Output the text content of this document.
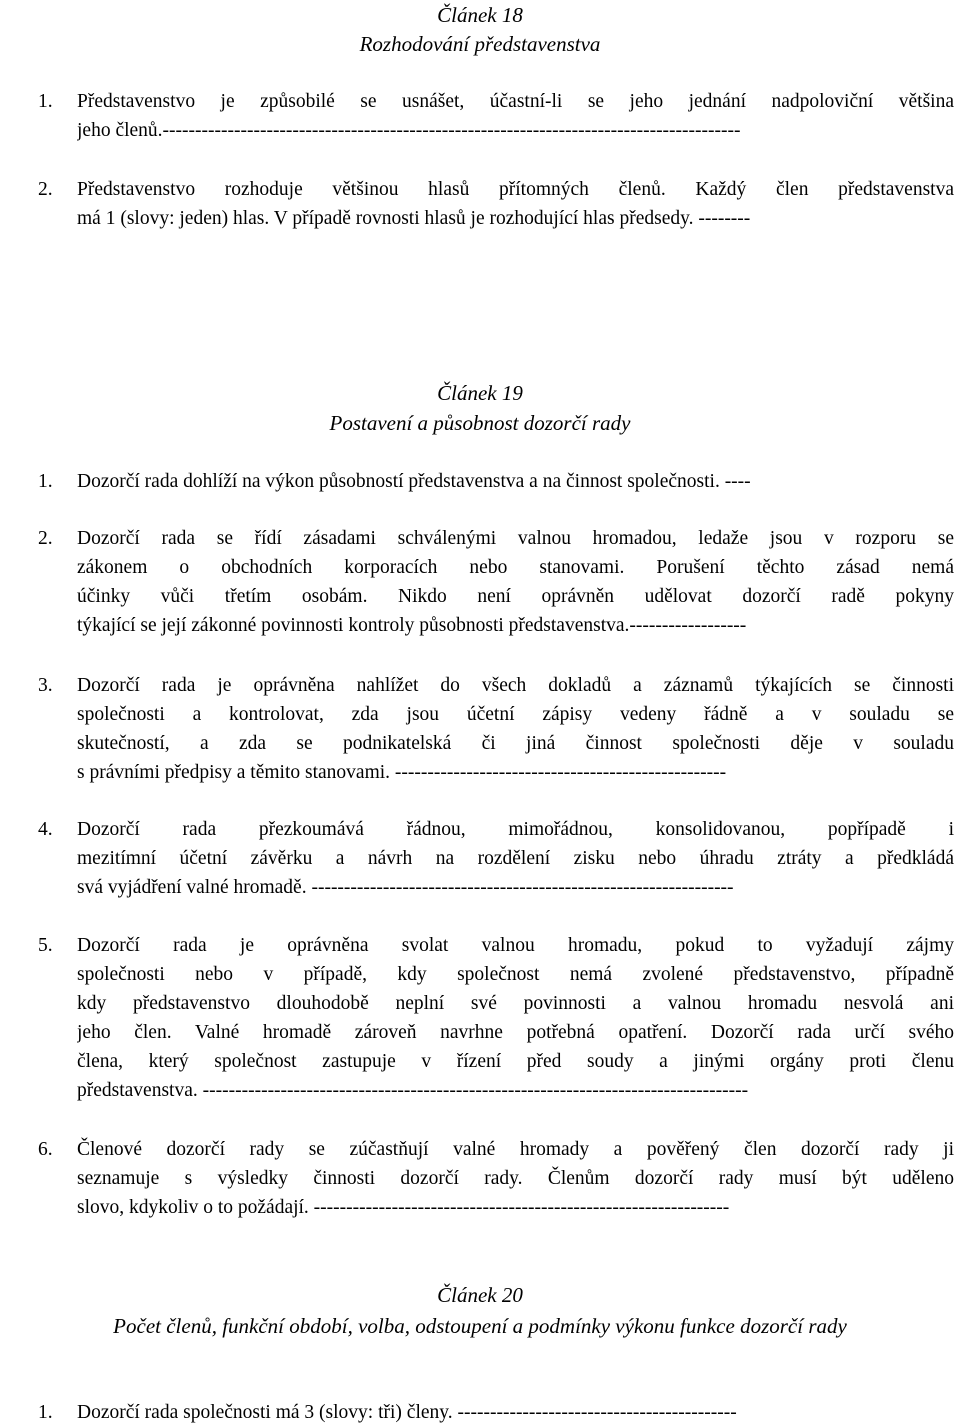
Článek 18
Rozhodování představenstva
1. Představenstvo je způsobilé se usnášet, účastní-li se jeho jednání nadpoloviční většina
jeho členů.-----------------------------------------------------------------------------------------
2. Představenstvo rozhoduje většinou hlasů přítomných členů. Každý člen představenstva
má 1 (slovy: jeden) hlas. V případě rovnosti hlasů je rozhodující hlas předsedy. --------
Článek 19
Postavení a působnost dozorčí rady
1. Dozorčí rada dohlíží na výkon působností představenstva a na činnost společnosti. ----
2. Dozorčí rada se řídí zásadami schválenými valnou hromadou, ledaže jsou v rozporu se
zákonem o obchodních korporacích nebo stanovami. Porušení těchto zásad nemá
účinky vůči třetím osobám. Nikdo není oprávněn udělovat dozorčí radě pokyny
týkající se její zákonné povinnosti kontroly působnosti představenstva.------------------
3. Dozorčí rada je oprávněna nahlížet do všech dokladů a záznamů týkajících se činnosti
společnosti a kontrolovat, zda jsou účetní zápisy vedeny řádně a v souladu se
skutečností, a zda se podnikatelská či jiná činnost společnosti děje v souladu
s právními předpisy a těmito stanovami. ---------------------------------------------------
4. Dozorčí rada přezkoumává řádnou, mimořádnou, konsolidovanou, popřípadě i
mezitímní účetní závěrku a návrh na rozdělení zisku nebo úhradu ztráty a předkládá
svá vyjádření valné hromadě. -----------------------------------------------------------------
5. Dozorčí rada je oprávněna svolat valnou hromadu, pokud to vyžadují zájmy
společnosti nebo v případě, kdy společnost nemá zvolené představenstvo, případně
kdy představenstvo dlouhodobě neplní své povinnosti a valnou hromadu nesvolá ani
jeho člen. Valné hromadě zároveň navrhne potřebná opatření. Dozorčí rada určí svého
člena, který společnost zastupuje v řízení před soudy a jinými orgány proti členu
představenstva. ------------------------------------------------------------------------------------
6. Členové dozorčí rady se zúčastňují valné hromady a pověřený člen dozorčí rady ji
seznamuje s výsledky činnosti dozorčí rady. Členům dozorčí rady musí být uděleno
slovo, kdykoliv o to požádají. ----------------------------------------------------------------
Článek 20
Počet členů, funkční období, volba, odstoupení a podmínky výkonu funkce dozorčí rady
1. Dozorčí rada společnosti má 3 (slovy: tři) členy. -------------------------------------------
